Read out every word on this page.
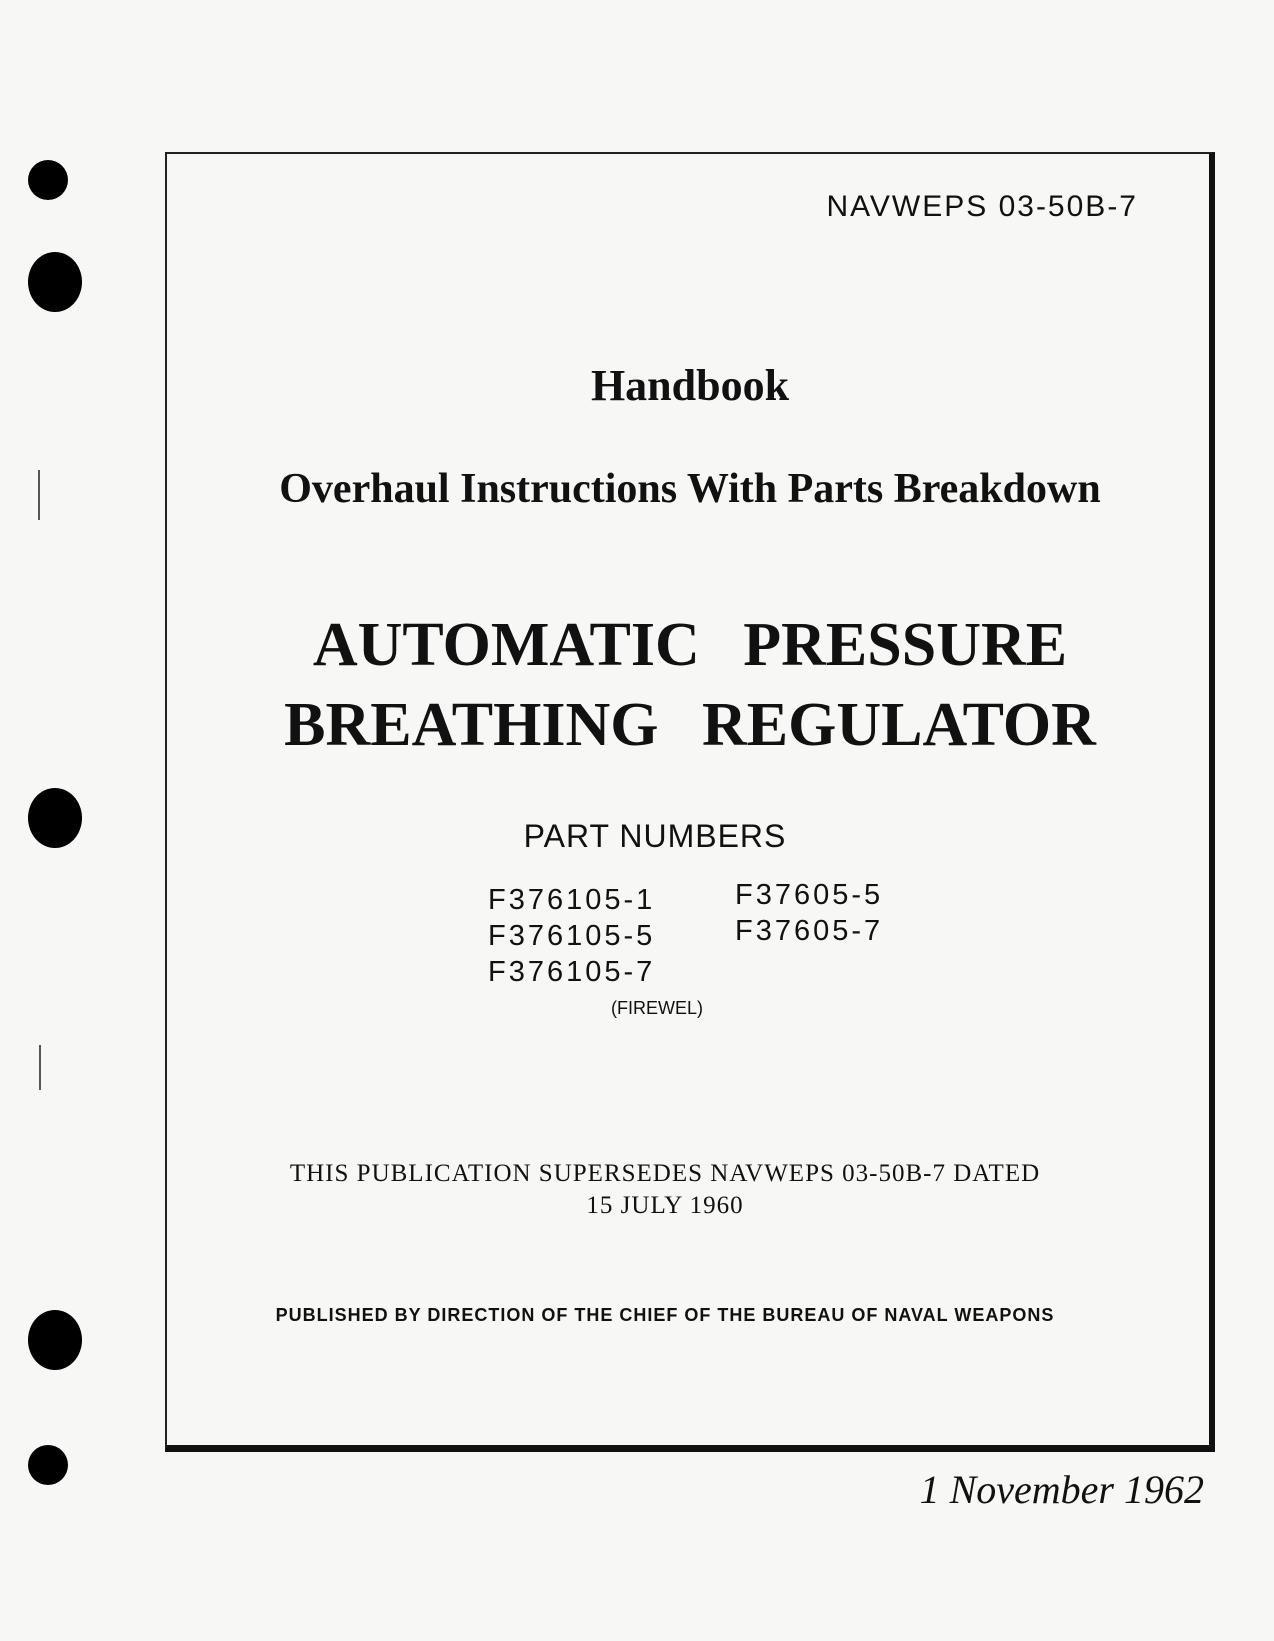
NAVWEPS 03-50B-7
Handbook
Overhaul Instructions With Parts Breakdown
AUTOMATIC PRESSURE
BREATHING REGULATOR
PART NUMBERS
F376105-1
F376105-5
F376105-7
F37605-5
F37605-7
(FIREWEL)
THIS PUBLICATION SUPERSEDES NAVWEPS 03-50B-7 DATED
15 JULY 1960
PUBLISHED BY DIRECTION OF THE CHIEF OF THE BUREAU OF NAVAL WEAPONS
1 November 1962
